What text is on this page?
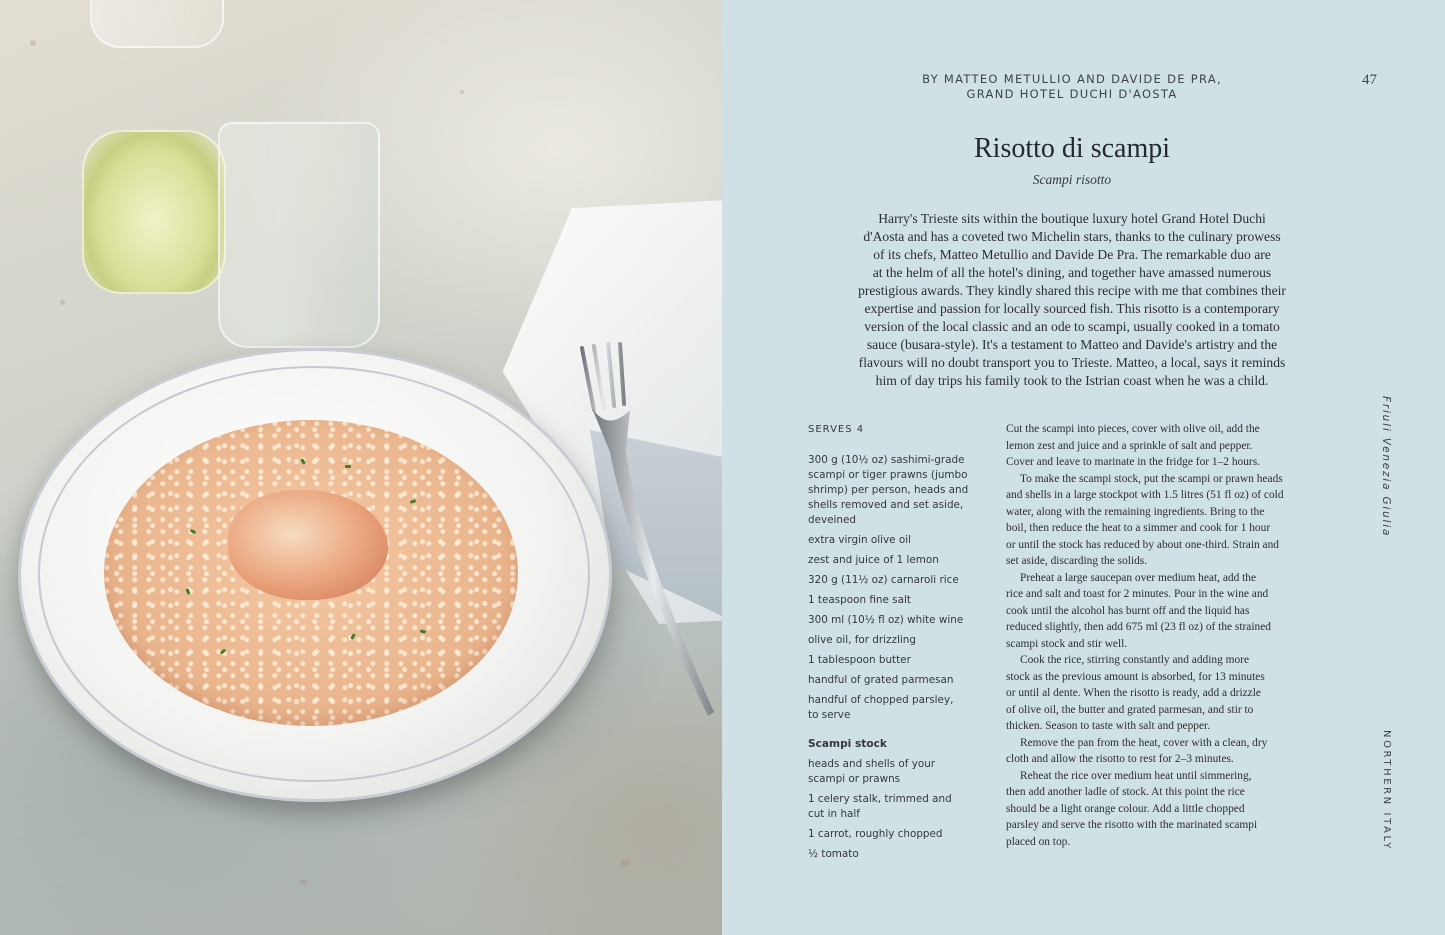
BY MATTEO METULLIO AND DAVIDE DE PRA,
GRAND HOTEL DUCHI D'AOSTA
47
Risotto di scampi
Scampi risotto
Harry's Trieste sits within the boutique luxury hotel Grand Hotel Duchi
d'Aosta and has a coveted two Michelin stars, thanks to the culinary prowess
of its chefs, Matteo Metullio and Davide De Pra. The remarkable duo are
at the helm of all the hotel's dining, and together have amassed numerous
prestigious awards. They kindly shared this recipe with me that combines their
expertise and passion for locally sourced fish. This risotto is a contemporary
version of the local classic and an ode to scampi, usually cooked in a tomato
sauce (busara-style). It's a testament to Matteo and Davide's artistry and the
flavours will no doubt transport you to Trieste. Matteo, a local, says it reminds
him of day trips his family took to the Istrian coast when he was a child.
SERVES 4
300 g (10½ oz) sashimi-grade
scampi or tiger prawns (jumbo
shrimp) per person, heads and
shells removed and set aside,
deveined
extra virgin olive oil
zest and juice of 1 lemon
320 g (11½ oz) carnaroli rice
1 teaspoon fine salt
300 ml (10½ fl oz) white wine
olive oil, for drizzling
1 tablespoon butter
handful of grated parmesan
handful of chopped parsley,
to serve
Scampi stock
heads and shells of your
scampi or prawns
1 celery stalk, trimmed and
cut in half
1 carrot, roughly chopped
½ tomato

Cut the scampi into pieces, cover with olive oil, add the
lemon zest and juice and a sprinkle of salt and pepper.
Cover and leave to marinate in the fridge for 1–2 hours.

To make the scampi stock, put the scampi or prawn heads
and shells in a large stockpot with 1.5 litres (51 fl oz) of cold
water, along with the remaining ingredients. Bring to the
boil, then reduce the heat to a simmer and cook for 1 hour
or until the stock has reduced by about one-third. Strain and
set aside, discarding the solids.

Preheat a large saucepan over medium heat, add the
rice and salt and toast for 2 minutes. Pour in the wine and
cook until the alcohol has burnt off and the liquid has
reduced slightly, then add 675 ml (23 fl oz) of the strained
scampi stock and stir well.

Cook the rice, stirring constantly and adding more
stock as the previous amount is absorbed, for 13 minutes
or until al dente. When the risotto is ready, add a drizzle
of olive oil, the butter and grated parmesan, and stir to
thicken. Season to taste with salt and pepper.

Remove the pan from the heat, cover with a clean, dry
cloth and allow the risotto to rest for 2–3 minutes.

Reheat the rice over medium heat until simmering,
then add another ladle of stock. At this point the rice
should be a light orange colour. Add a little chopped
parsley and serve the risotto with the marinated scampi
placed on top.

Friuli Venezia Giulia
NORTHERN ITALY
